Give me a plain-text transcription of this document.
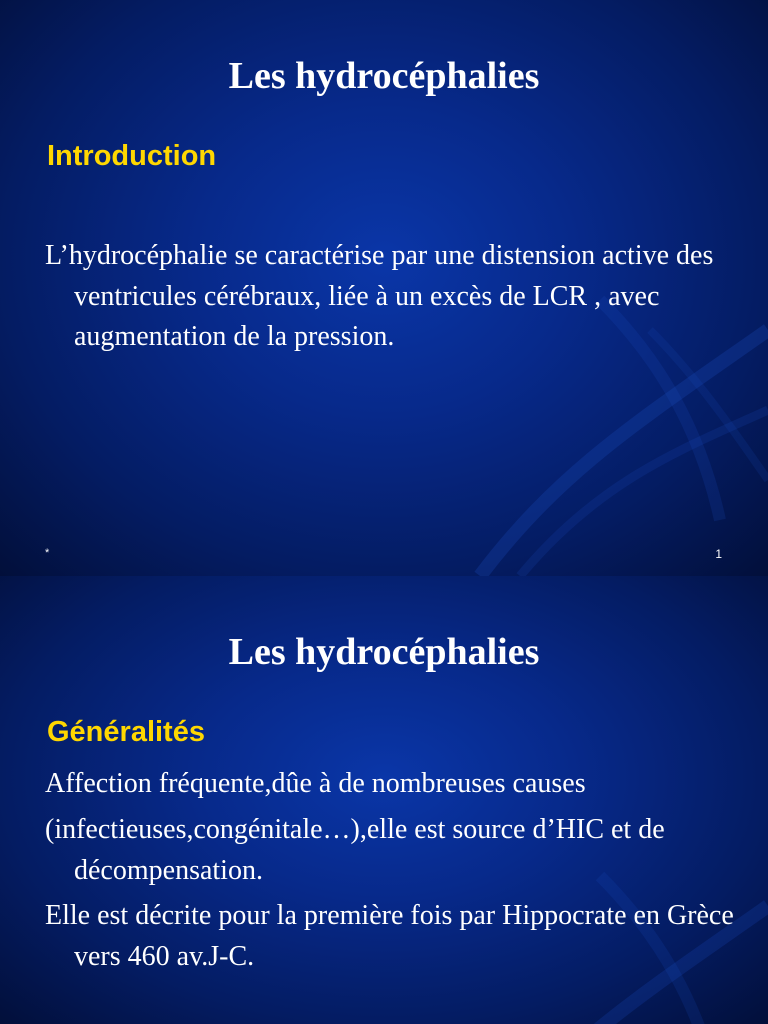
Les hydrocéphalies
Introduction

L’hydrocéphalie se caractérise par une distension active des ventricules cérébraux, liée à un excès de LCR , avec augmentation de la pression.

*	1
Les hydrocéphalies
Généralités

Affection fréquente,dûe à de nombreuses causes

(infectieuses,congénitale…),elle est source d’HIC et de décompensation.

Elle est décrite pour la première fois par Hippocrate en Grèce vers 460 av.J-C.
